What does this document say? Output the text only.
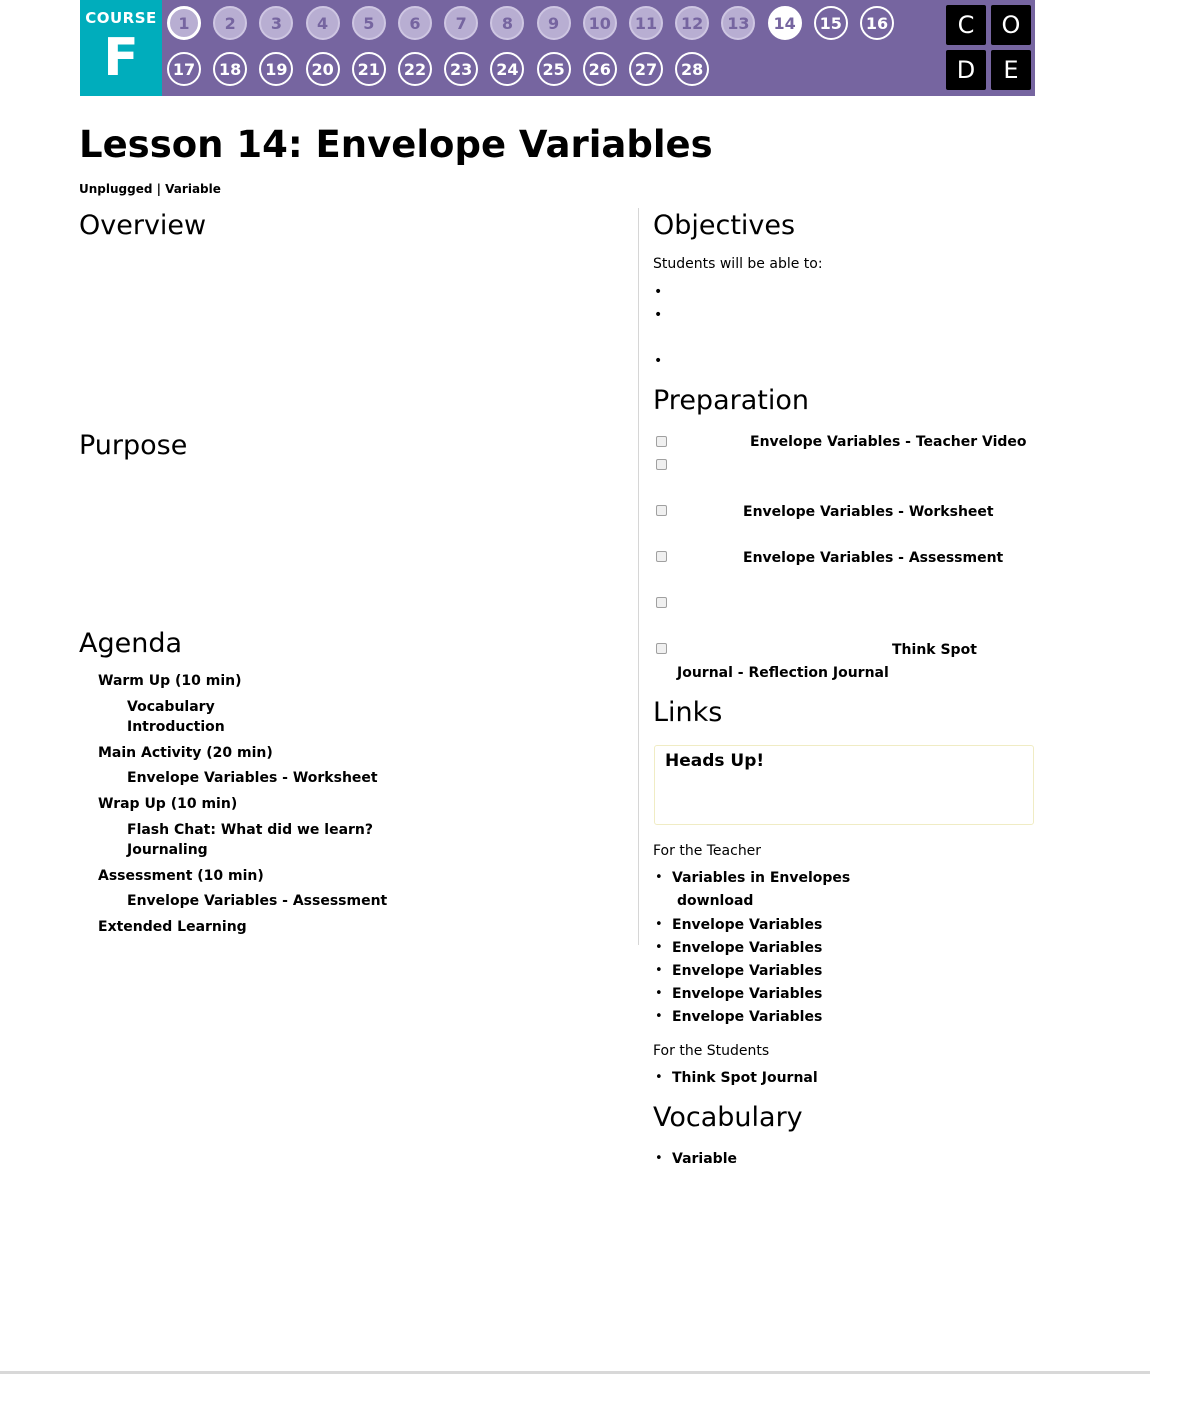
COURSE
F
1	2	3	4	5	6	7	8	9	10	11	12	13	14	15	16
17	18	19	20	21	22	23	24	25	26	27	28
C	O
D	E
Lesson 14: Envelope Variables
Unplugged | Variable
Overview
Purpose
Agenda
Warm Up (10 min)
Vocabulary
Introduction
Main Activity (20 min)
Envelope Variables - Worksheet
Wrap Up (10 min)
Flash Chat: What did we learn?
Journaling
Assessment (10 min)
Envelope Variables - Assessment
Extended Learning
Objectives
Students will be able to:
Preparation
Envelope Variables - Teacher Video
Envelope Variables - Worksheet
Envelope Variables - Assessment
Think Spot
Journal - Reflection Journal
Links
Heads Up!
For the Teacher
• Variables in Envelopes
download
• Envelope Variables
• Envelope Variables
• Envelope Variables
• Envelope Variables
• Envelope Variables
For the Students
• Think Spot Journal
Vocabulary
• Variable
